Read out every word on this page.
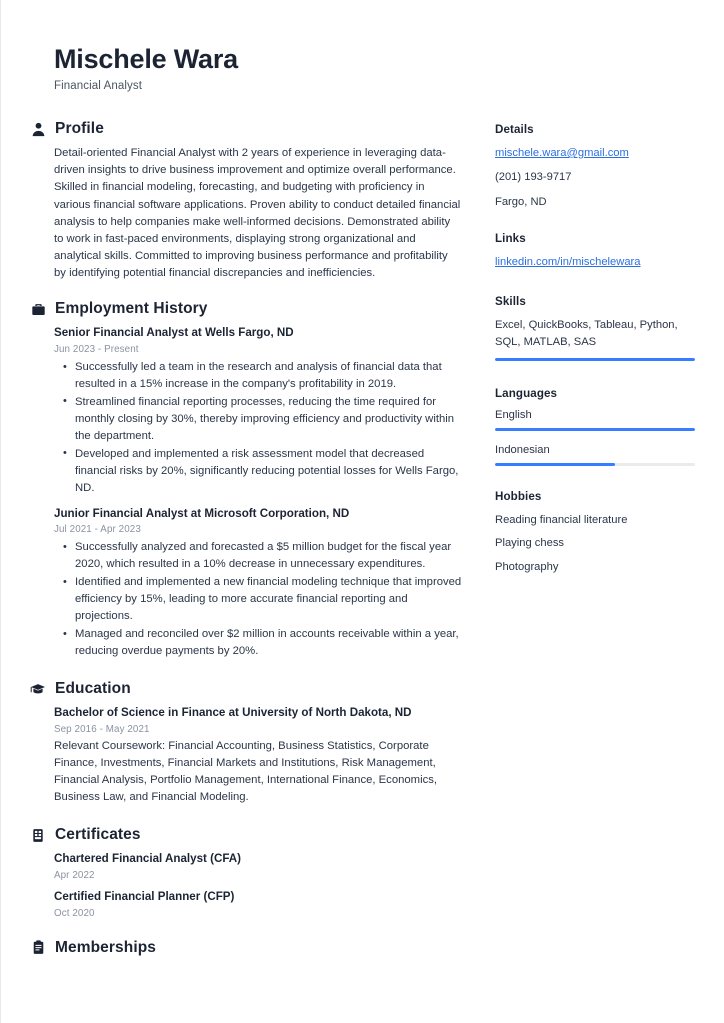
Mischele Wara
Financial Analyst
Profile
Detail-oriented Financial Analyst with 2 years of experience in leveraging data-driven insights to drive business improvement and optimize overall performance. Skilled in financial modeling, forecasting, and budgeting with proficiency in various financial software applications. Proven ability to conduct detailed financial analysis to help companies make well-informed decisions. Demonstrated ability to work in fast-paced environments, displaying strong organizational and analytical skills. Committed to improving business performance and profitability by identifying potential financial discrepancies and inefficiencies.
Employment History
Senior Financial Analyst at Wells Fargo, ND
Jun 2023 - Present
• Successfully led a team in the research and analysis of financial data that resulted in a 15% increase in the company's profitability in 2019.
• Streamlined financial reporting processes, reducing the time required for monthly closing by 30%, thereby improving efficiency and productivity within the department.
• Developed and implemented a risk assessment model that decreased financial risks by 20%, significantly reducing potential losses for Wells Fargo, ND.
Junior Financial Analyst at Microsoft Corporation, ND
Jul 2021 - Apr 2023
• Successfully analyzed and forecasted a $5 million budget for the fiscal year 2020, which resulted in a 10% decrease in unnecessary expenditures.
• Identified and implemented a new financial modeling technique that improved efficiency by 15%, leading to more accurate financial reporting and projections.
• Managed and reconciled over $2 million in accounts receivable within a year, reducing overdue payments by 20%.
Education
Bachelor of Science in Finance at University of North Dakota, ND
Sep 2016 - May 2021
Relevant Coursework: Financial Accounting, Business Statistics, Corporate Finance, Investments, Financial Markets and Institutions, Risk Management, Financial Analysis, Portfolio Management, International Finance, Economics, Business Law, and Financial Modeling.
Certificates
Chartered Financial Analyst (CFA)
Apr 2022
Certified Financial Planner (CFP)
Oct 2020
Memberships
Details
mischele.wara@gmail.com
(201) 193-9717
Fargo, ND
Links
linkedin.com/in/mischelewara
Skills
Excel, QuickBooks, Tableau, Python, SQL, MATLAB, SAS
Languages
English
Indonesian
Hobbies
Reading financial literature
Playing chess
Photography
